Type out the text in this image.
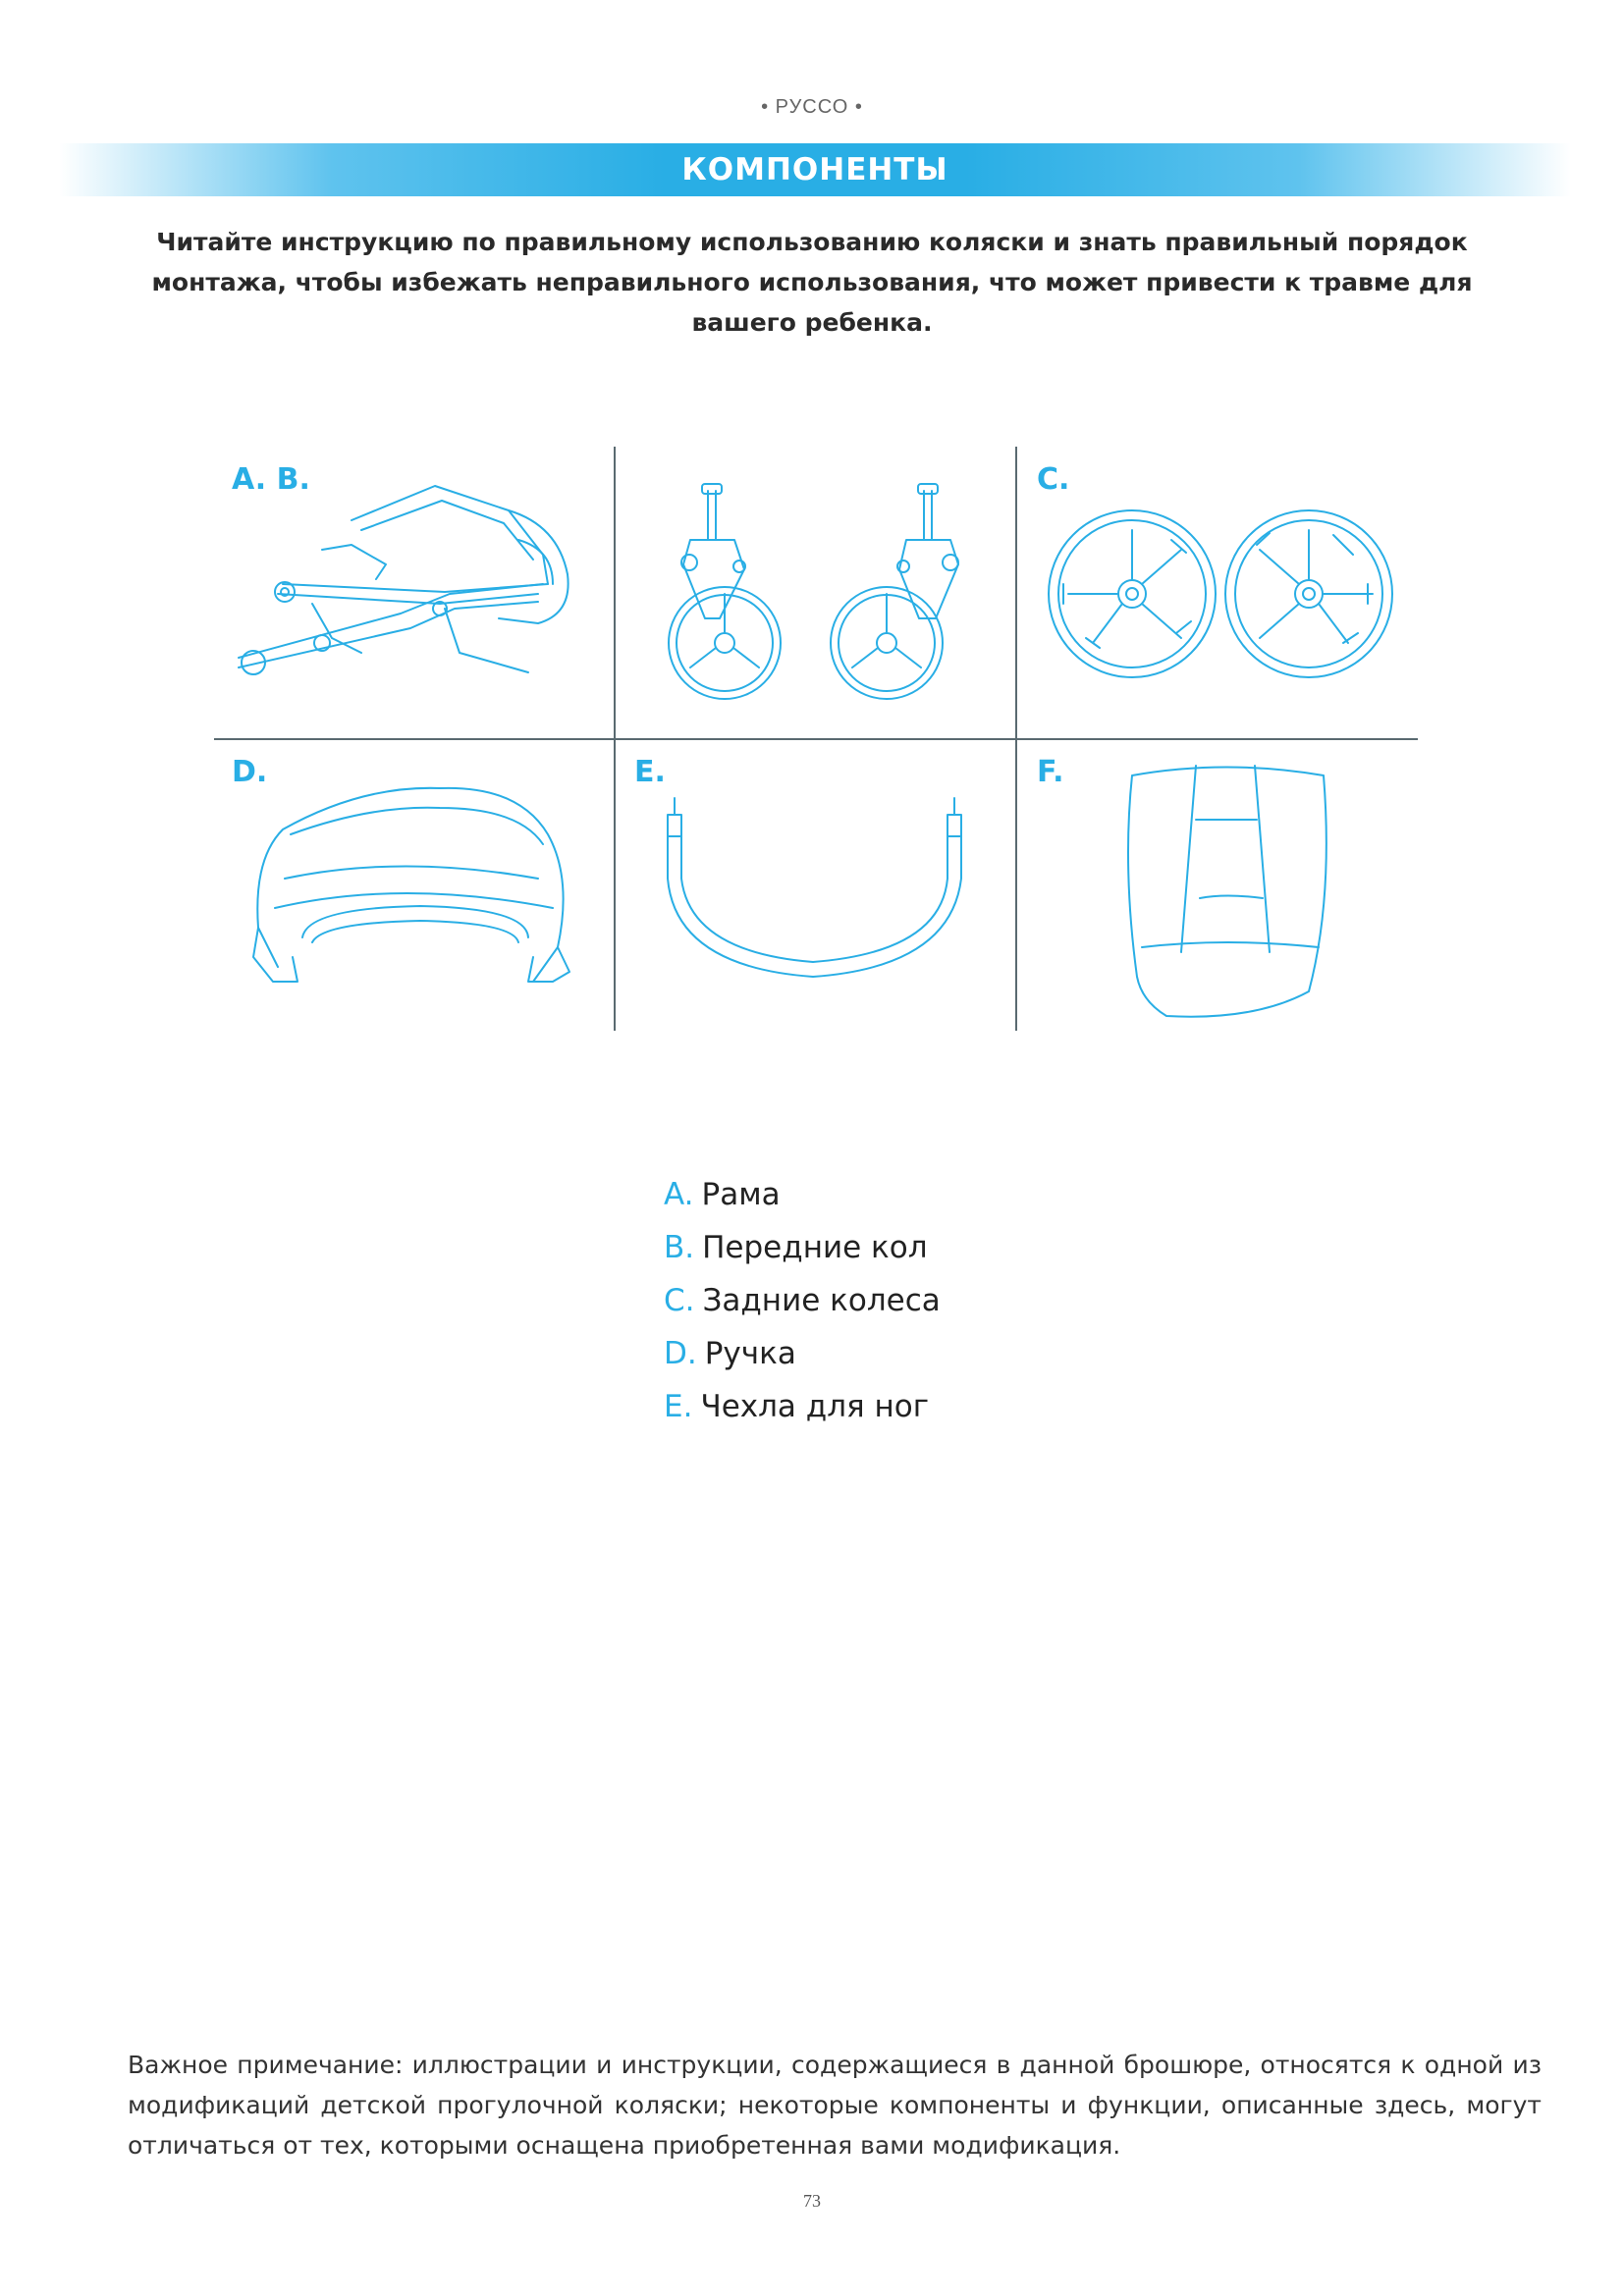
• РУССО •
КОМПОНЕНТЫ
Читайте инструкцию по правильному использованию коляски и знать правильный порядок монтажа, чтобы избежать неправильного использования, что может привести к травме для вашего ребенка.
A. B.	C.
D.	E.	F.
A. Рама
B. Передние кол
C. Задние колеса
D. Ручка
E. Чехла для ног
Важное примечание: иллюстрации и инструкции, содержащиеся в данной брошюре, относятся к одной из модификаций детской прогулочной коляски; некоторые компоненты и функции, описанные здесь, могут отличаться от тех, которыми оснащена приобретенная вами модификация.
73
